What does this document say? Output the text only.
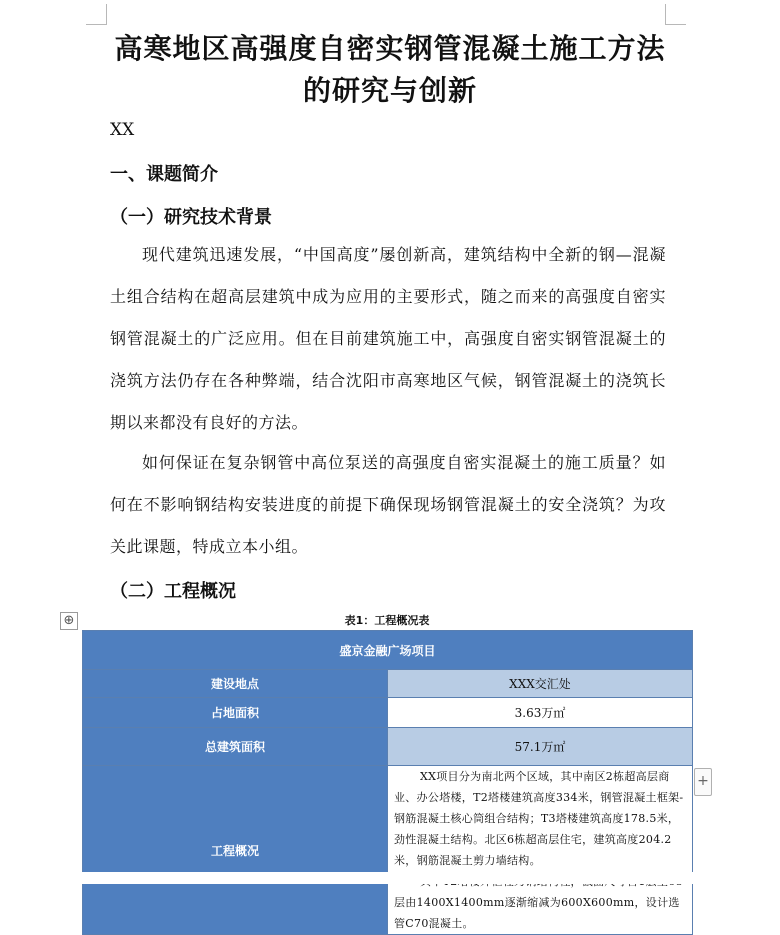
高寒地区高强度自密实钢管混凝土施工方法的研究与创新
XX
一、课题简介
（一）研究技术背景
现代建筑迅速发展，“中国高度”屡创新高，建筑结构中全新的钢—混凝土组合结构在超高层建筑中成为应用的主要形式，随之而来的高强度自密实钢管混凝土的广泛应用。但在目前建筑施工中，高强度自密实钢管混凝土的浇筑方法仍存在各种弊端，结合沈阳市高寒地区气候，钢管混凝土的浇筑长期以来都没有良好的方法。
如何保证在复杂钢管中高位泵送的高强度自密实混凝土的施工质量？如何在不影响钢结构安装进度的前提下确保现场钢管混凝土的安全浇筑？为攻关此课题，特成立本小组。
（二）工程概况
⊕	表1：工程概况表
盛京金融广场项目	
建设地点	XXX交汇处
占地面积	3.63万㎡
总建筑面积	57.1万㎡
工程概况	XX项目分为南北两个区域，其中南区2栋超高层商业、办公塔楼，T2塔楼建筑高度334米，钢管混凝土框架-钢筋混凝土核心筒组合结构；T3塔楼建筑高度178.5米，劲性混凝土结构。北区6栋超高层住宅，建筑高度204.2米，钢筋混凝土剪力墙结构。

层由1400X1400mm逐渐缩减为600X600mm，设计选管C70混凝土。

+
